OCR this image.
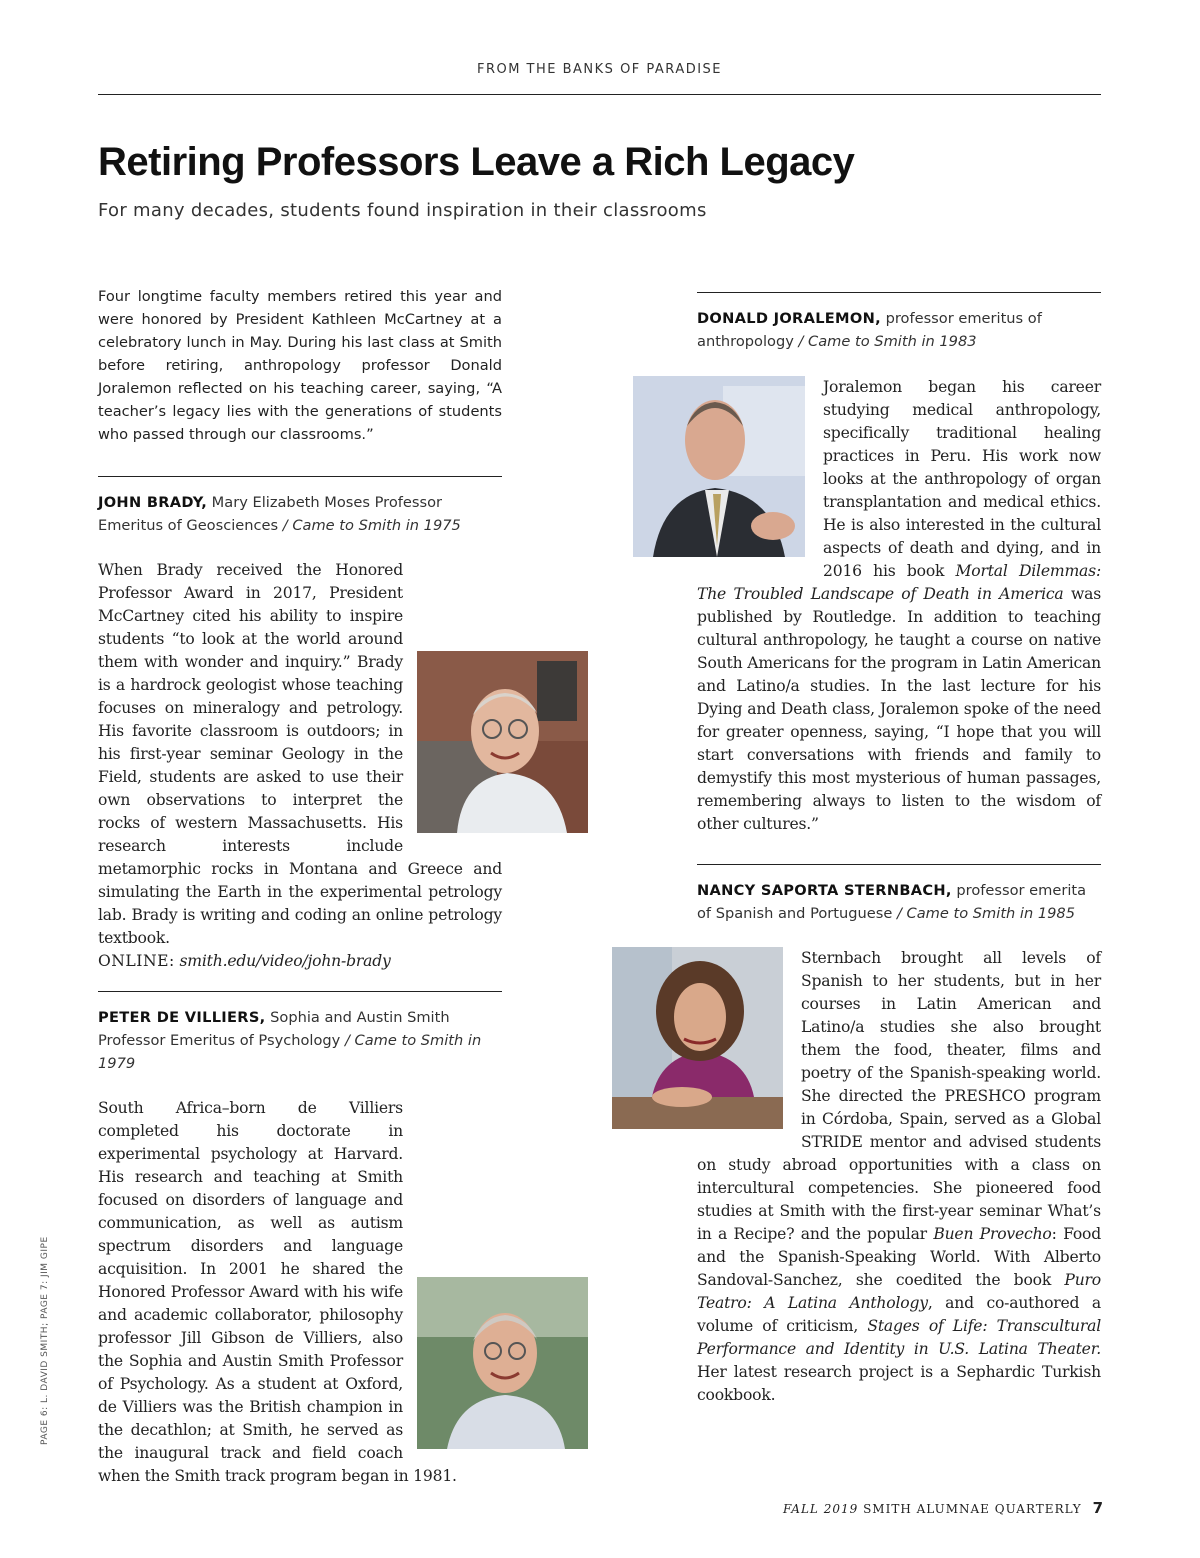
FROM THE BANKS OF PARADISE
Retiring Professors Leave a Rich Legacy
For many decades, students found inspiration in their classrooms

Four longtime faculty members retired this year and were honored by President Kathleen McCartney at a celebratory lunch in May. During his last class at Smith before retiring, anthropology professor Donald Joralemon reflected on his teaching career, saying, “A teacher’s legacy lies with the generations of students who passed through our classrooms.”

JOHN BRADY, Mary Elizabeth Moses Professor Emeritus of Geosciences / Came to Smith in 1975

When Brady received the Honored Professor Award in 2017, President McCartney cited his ability to inspire students “to look at the world around them with wonder and inquiry.” Brady is a hardrock geologist whose teaching focuses on mineralogy and petrology. His favorite classroom is outdoors; in his first-year seminar Geology in the Field, students are asked to use their own observations to interpret the rocks of western Massachusetts. His research interests include metamorphic rocks in Montana and Greece and simulating the Earth in the experimental petrology lab. Brady is writing and coding an online petrology textbook.
ONLINE: smith.edu/video/john-brady

PETER DE VILLIERS, Sophia and Austin Smith Professor Emeritus of Psychology / Came to Smith in 1979

South Africa–born de Villiers completed his doctorate in experimental psychology at Harvard. His research and teaching at Smith focused on disorders of language and communication, as well as autism spectrum disorders and language acquisition. In 2001 he shared the Honored Professor Award with his wife and academic collaborator, philosophy professor Jill Gibson de Villiers, also the Sophia and Austin Smith Professor of Psychology. As a student at Oxford, de Villiers was the British champion in the decathlon; at Smith, he served as the inaugural track and field coach when the Smith track program began in 1981.

DONALD JORALEMON, professor emeritus of anthropology / Came to Smith in 1983

Joralemon began his career studying medical anthropology, specifically traditional healing practices in Peru. His work now looks at the anthropology of organ transplantation and medical ethics. He is also interested in the cultural aspects of death and dying, and in 2016 his book Mortal Dilemmas: The Troubled Landscape of Death in America was published by Routledge. In addition to teaching cultural anthropology, he taught a course on native South Americans for the program in Latin American and Latino/a studies. In the last lecture for his Dying and Death class, Joralemon spoke of the need for greater openness, saying, “I hope that you will start conversations with friends and family to demystify this most mysterious of human passages, remembering always to listen to the wisdom of other cultures.”

NANCY SAPORTA STERNBACH, professor emerita of Spanish and Portuguese / Came to Smith in 1985

Sternbach brought all levels of Spanish to her students, but in her courses in Latin American and Latino/a studies she also brought them the food, theater, films and poetry of the Spanish-speaking world. She directed the PRESHCO program in Córdoba, Spain, served as a Global STRIDE mentor and advised students on study abroad opportunities with a class on intercultural competencies. She pioneered food studies at Smith with the first-year seminar What’s in a Recipe? and the popular Buen Provecho: Food and the Spanish-Speaking World. With Alberto Sandoval-Sanchez, she coedited the book Puro Teatro: A Latina Anthology, and co-authored a volume of criticism, Stages of Life: Transcultural Performance and Identity in U.S. Latina Theater. Her latest research project is a Sephardic Turkish cookbook.
PAGE 6: L. DAVID SMITH; PAGE 7: JIM GIPE
FALL 2019 SMITH ALUMNAE QUARTERLY 7
